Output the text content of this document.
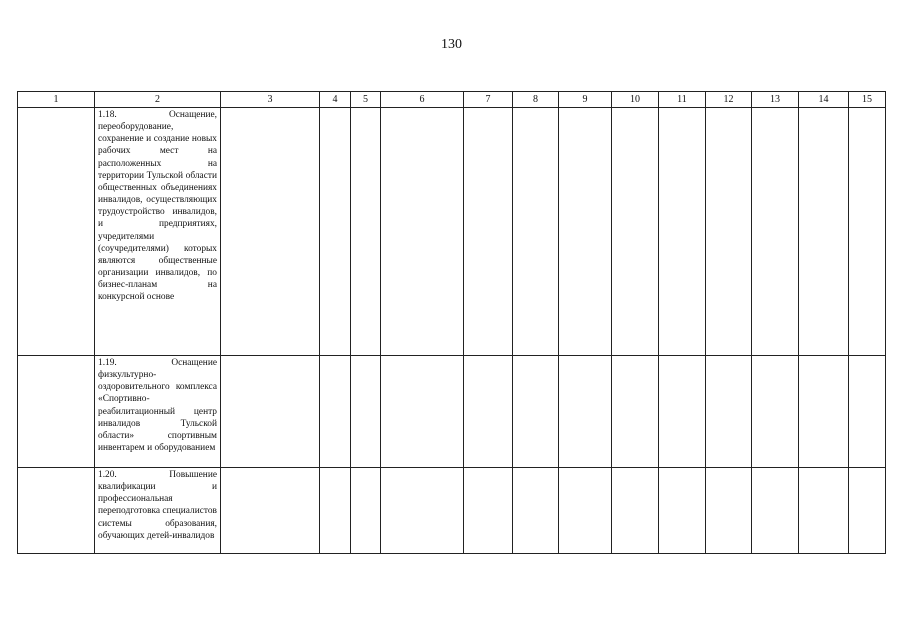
130
1	2	3	4	5	6	7	8	9	10	11	12	13	14	15

	1.18. Оснащение, переоборудование, сохранение и создание новых рабочих мест на расположенных на территории Тульской области общественных объединениях инвалидов, осуществляющих трудоустройство инвалидов, и предприятиях, учредителями (соучредителями) которых являются общественные организации инвалидов, по бизнес-планам на конкурсной основе													

	1.19. Оснащение физкультурно-оздоровительного комплекса «Спортивно-реабилитационный центр инвалидов Тульской области» спортивным инвентарем и оборудованием													

	1.20. Повышение квалификации и профессиональная переподготовка специалистов системы образования, обучающих детей-инвалидов													
